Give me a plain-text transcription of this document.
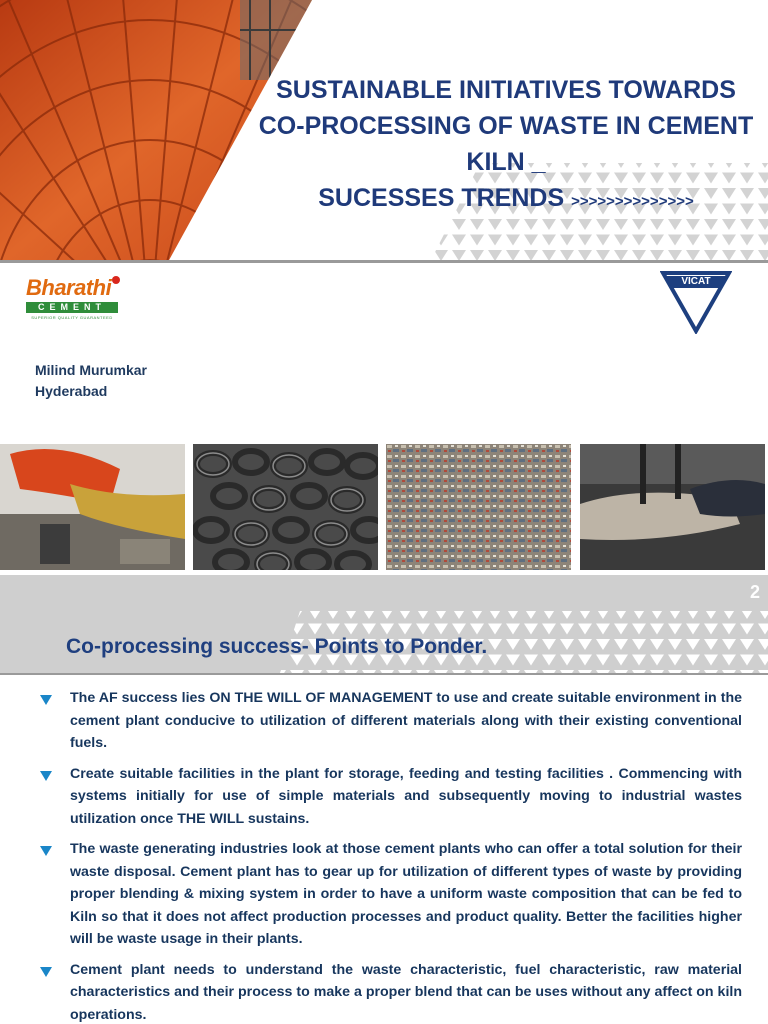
SUSTAINABLE INITIATIVES TOWARDS
CO-PROCESSING OF WASTE IN CEMENT
KILN _
SUCESSES TRENDS >>>>>>>>>>>>>>
Bharathi
CEMENT
SUPERIOR QUALITY GUARANTEED
VICAT
Milind Murumkar
Hyderabad
2
Co-processing success- Points to Ponder.
The AF success lies ON THE WILL OF MANAGEMENT to use and create suitable environment in the cement plant conducive to utilization of different materials along with their existing conventional fuels.
Create suitable facilities in the plant for storage, feeding and testing facilities . Commencing with systems initially for use of simple materials and subsequently moving to industrial wastes utilization once THE WILL sustains.
The waste generating industries look at those cement plants who can offer a total solution for their waste disposal. Cement plant has to gear up for utilization of different types of waste by providing proper blending & mixing system in order to have a uniform waste composition that can be fed to Kiln so that it does not affect production processes and product quality. Better the facilities higher will be waste usage in their plants.
Cement plant needs to understand the waste characteristic, fuel characteristic, raw material characteristics and their process to make a proper blend that can be uses without any affect on kiln operations.
